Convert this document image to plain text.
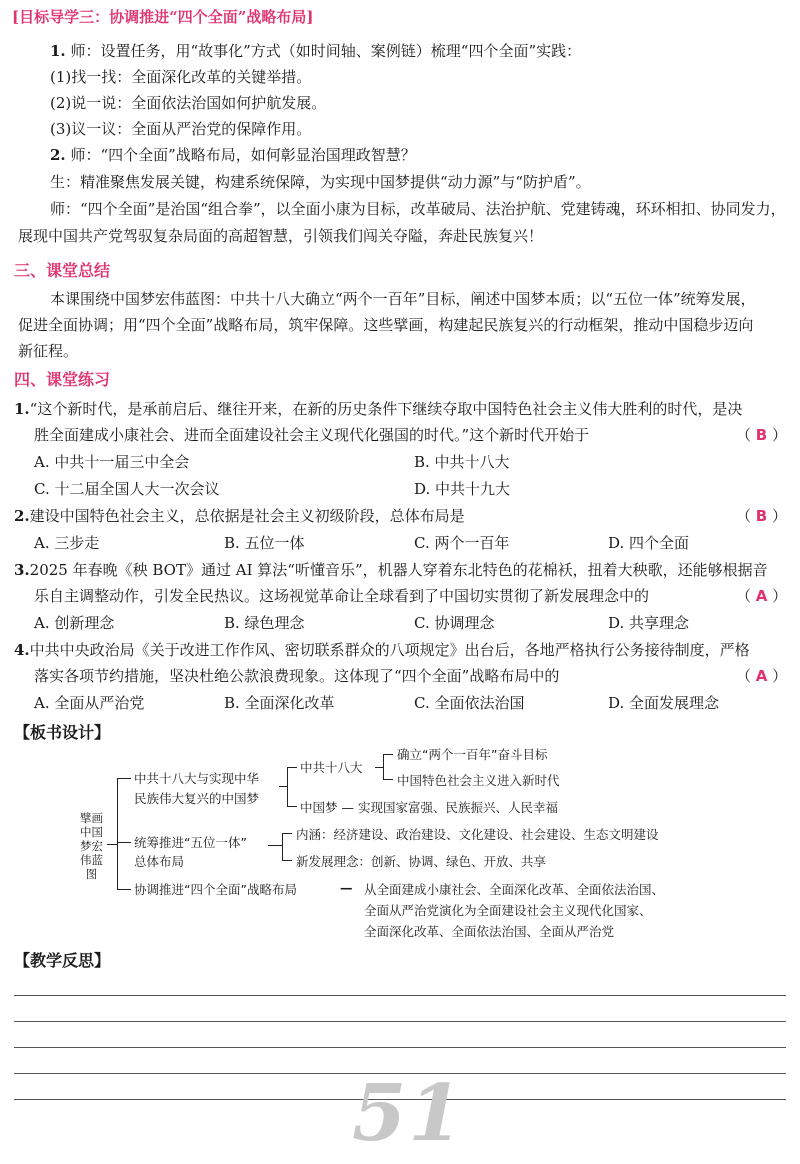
[目标导学三：协调推进“四个全面”战略布局]
1. 师：设置任务，用“故事化”方式（如时间轴、案例链）梳理“四个全面”实践：
(1)找一找：全面深化改革的关键举措。
(2)说一说：全面依法治国如何护航发展。
(3)议一议：全面从严治党的保障作用。
2. 师：“四个全面”战略布局，如何彰显治国理政智慧？
生：精准聚焦发展关键，构建系统保障，为实现中国梦提供“动力源”与“防护盾”。
师：“四个全面”是治国“组合拳”，以全面小康为目标，改革破局、法治护航、党建铸魂，环环相扣、协同发力，
展现中国共产党驾驭复杂局面的高超智慧，引领我们闯关夺隘，奔赴民族复兴！
三、课堂总结
本课围绕中国梦宏伟蓝图：中共十八大确立“两个一百年”目标，阐述中国梦本质；以“五位一体”统筹发展，
促进全面协调；用“四个全面”战略布局，筑牢保障。这些擘画，构建起民族复兴的行动框架，推动中国稳步迈向
新征程。
四、课堂练习
1.“这个新时代，是承前启后、继往开来，在新的历史条件下继续夺取中国特色社会主义伟大胜利的时代，是决
胜全面建成小康社会、进而全面建设社会主义现代化强国的时代。”这个新时代开始于	（ B ）
A. 中共十一届三中全会	B. 中共十八大
C. 十二届全国人大一次会议	D. 中共十九大
2.建设中国特色社会主义，总依据是社会主义初级阶段，总体布局是	（ B ）
A. 三步走	B. 五位一体	C. 两个一百年	D. 四个全面
3.2025 年春晚《秧 BOT》通过 AI 算法“听懂音乐”，机器人穿着东北特色的花棉袄，扭着大秧歌，还能够根据音
乐自主调整动作，引发全民热议。这场视觉革命让全球看到了中国切实贯彻了新发展理念中的	（ A ）
A. 创新理念	B. 绿色理念	C. 协调理念	D. 共享理念
4.中共中央政治局《关于改进工作作风、密切联系群众的八项规定》出台后，各地严格执行公务接待制度，严格
落实各项节约措施，坚决杜绝公款浪费现象。这体现了“四个全面”战略布局中的	（ A ）
A. 全面从严治党	B. 全面深化改革	C. 全面依法治国	D. 全面发展理念
【板书设计】
擘画
中国
梦宏
伟蓝
图
中共十八大与实现中华
民族伟大复兴的中国梦
中共十八大
确立“两个一百年”奋斗目标
中国特色社会主义进入新时代
中国梦 — 实现国家富强、民族振兴、人民幸福
统筹推进“五位一体”
总体布局
内涵：经济建设、政治建设、文化建设、社会建设、生态文明建设
新发展理念：创新、协调、绿色、开放、共享
协调推进“四个全面”战略布局	— 从全面建成小康社会、全面深化改革、全面依法治国、
全面从严治党演化为全面建设社会主义现代化国家、
全面深化改革、全面依法治国、全面从严治党
【教学反思】
51
